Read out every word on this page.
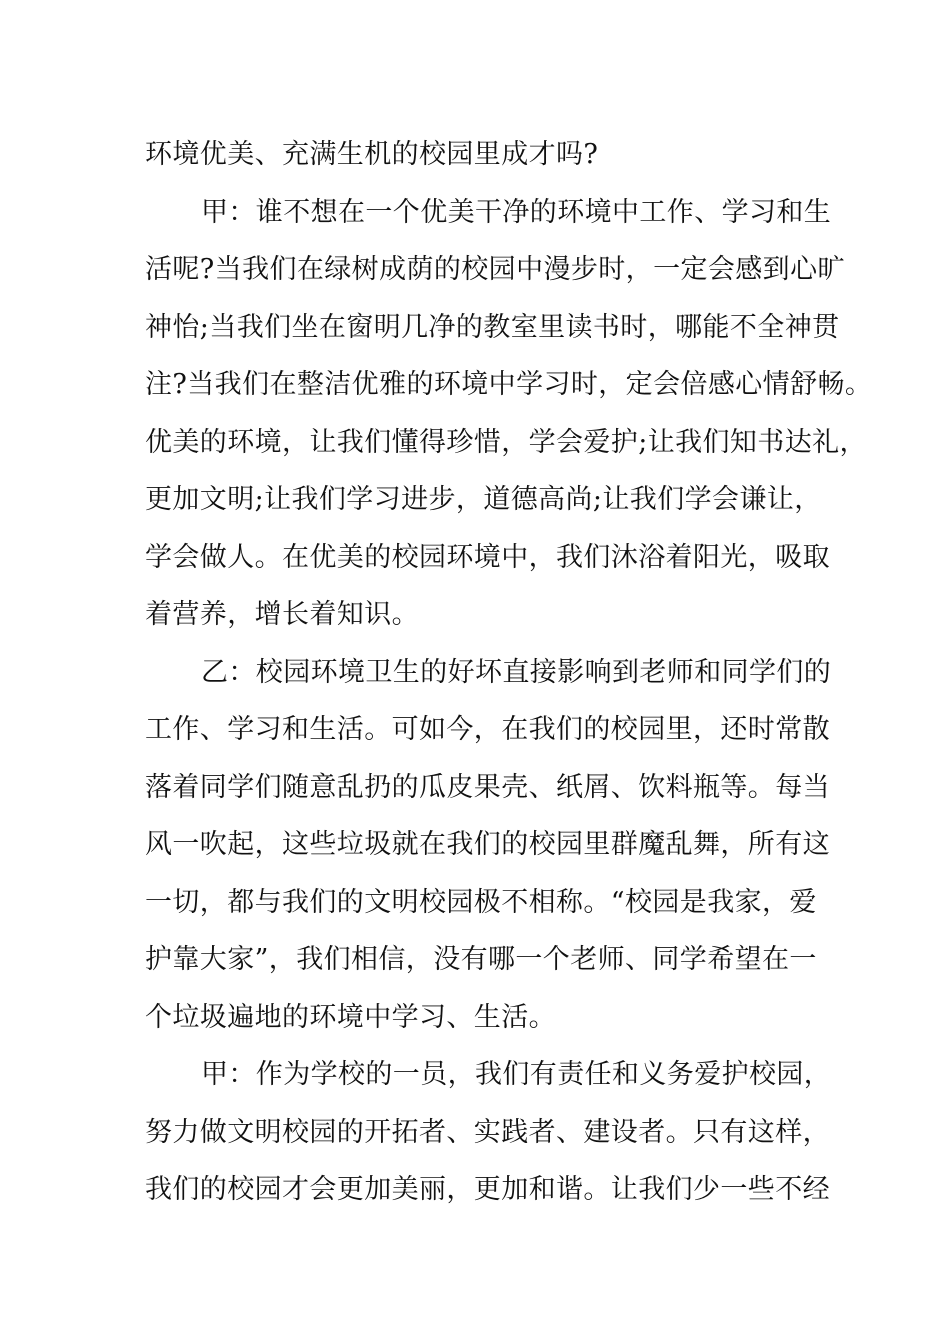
环境优美、充满生机的校园里成才吗?
甲：谁不想在一个优美干净的环境中工作、学习和生
活呢?当我们在绿树成荫的校园中漫步时，一定会感到心旷
神怡;当我们坐在窗明几净的教室里读书时，哪能不全神贯
注?当我们在整洁优雅的环境中学习时，定会倍感心情舒畅。
优美的环境，让我们懂得珍惜，学会爱护;让我们知书达礼，
更加文明;让我们学习进步，道德高尚;让我们学会谦让，
学会做人。在优美的校园环境中，我们沐浴着阳光，吸取
着营养，增长着知识。
乙：校园环境卫生的好坏直接影响到老师和同学们的
工作、学习和生活。可如今，在我们的校园里，还时常散
落着同学们随意乱扔的瓜皮果壳、纸屑、饮料瓶等。每当
风一吹起，这些垃圾就在我们的校园里群魔乱舞，所有这
一切，都与我们的文明校园极不相称。“校园是我家，爱
护靠大家”，我们相信，没有哪一个老师、同学希望在一
个垃圾遍地的环境中学习、生活。
甲：作为学校的一员，我们有责任和义务爱护校园，
努力做文明校园的开拓者、实践者、建设者。只有这样，
我们的校园才会更加美丽，更加和谐。让我们少一些不经
